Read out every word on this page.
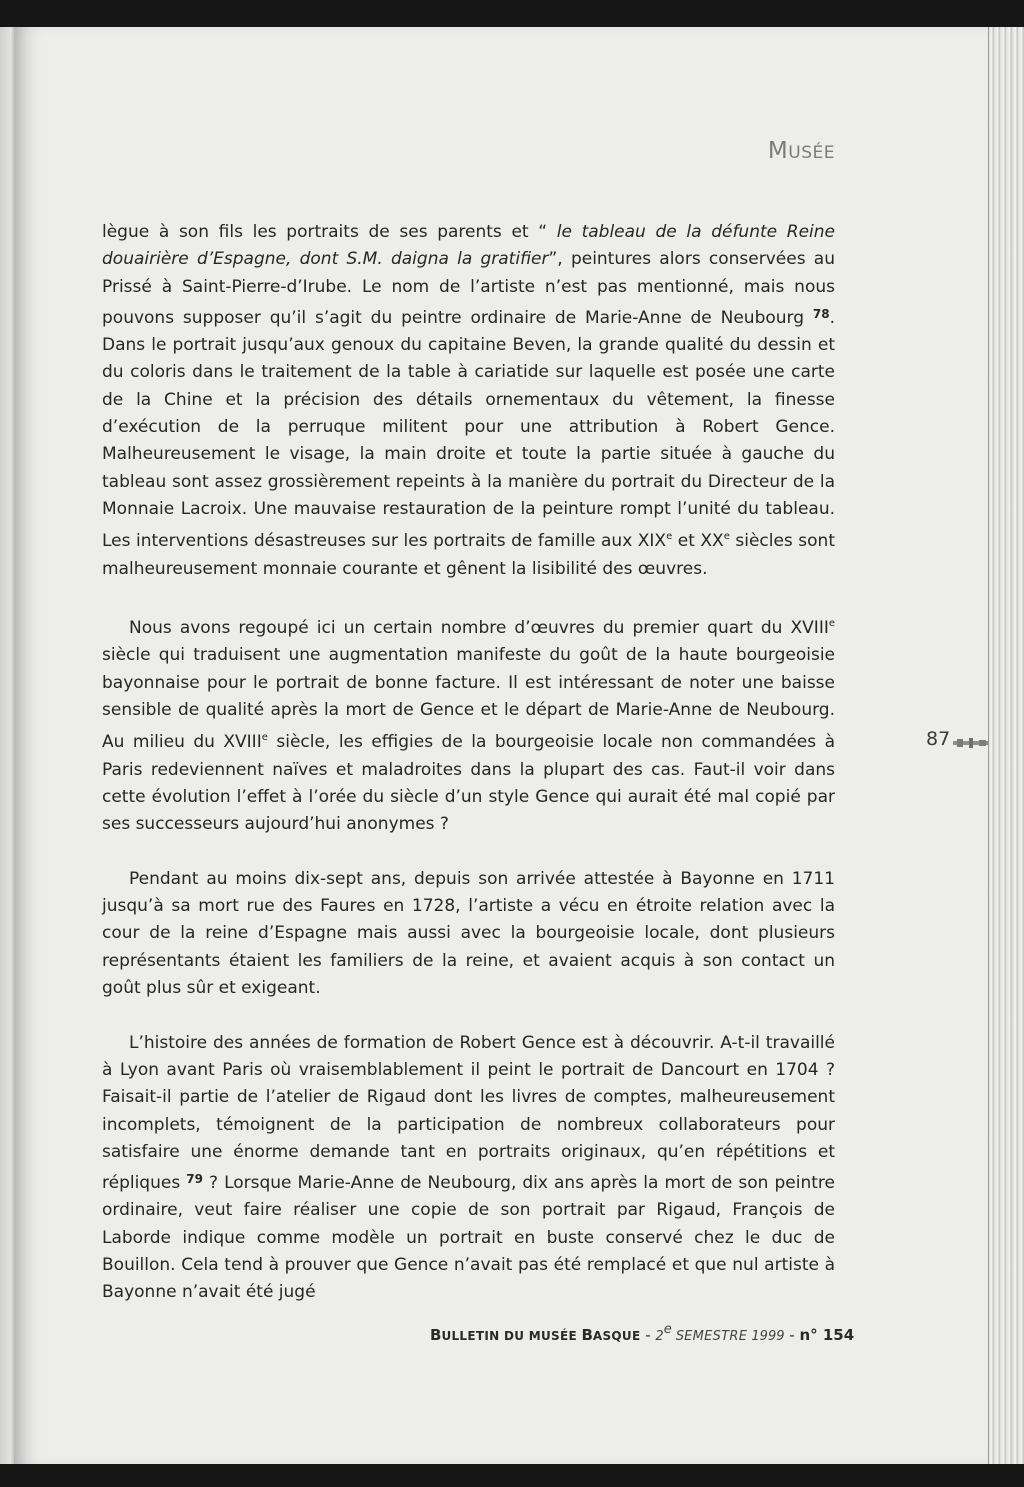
MUSÉE

lègue à son fils les portraits de ses parents et “ le tableau de la défunte Reine douairière d’Espagne, dont S.M. daigna la gratifier”, peintures alors conservées au Prissé à Saint-Pierre-d’Irube. Le nom de l’artiste n’est pas mentionné, mais nous pouvons supposer qu’il s’agit du peintre ordinaire de Marie-Anne de Neubourg $^{78}$. Dans le portrait jusqu’aux genoux du capitaine Beven, la grande qualité du dessin et du coloris dans le traitement de la table à cariatide sur laquelle est posée une carte de la Chine et la précision des détails ornementaux du vêtement, la finesse d’exécution de la perruque militent pour une attribution à Robert Gence. Malheureusement le visage, la main droite et toute la partie située à gauche du tableau sont assez grossièrement repeints à la manière du portrait du Directeur de la Monnaie Lacroix. Une mauvaise restauration de la peinture rompt l’unité du tableau. Les interventions désastreuses sur les portraits de famille aux XIXe et XXe siècles sont malheureusement monnaie courante et gênent la lisibilité des œuvres.

Nous avons regoupé ici un certain nombre d’œuvres du premier quart du XVIIIe siècle qui traduisent une augmentation manifeste du goût de la haute bourgeoisie bayonnaise pour le portrait de bonne facture. Il est intéressant de noter une baisse sensible de qualité après la mort de Gence et le départ de Marie-Anne de Neubourg. Au milieu du XVIIIe siècle, les effigies de la bourgeoisie locale non commandées à Paris redeviennent naïves et maladroites dans la plupart des cas. Faut-il voir dans cette évolution l’effet à l’orée du siècle d’un style Gence qui aurait été mal copié par ses successeurs aujourd’hui anonymes ?

Pendant au moins dix-sept ans, depuis son arrivée attestée à Bayonne en 1711 jusqu’à sa mort rue des Faures en 1728, l’artiste a vécu en étroite relation avec la cour de la reine d’Espagne mais aussi avec la bourgeoisie locale, dont plusieurs représentants étaient les familiers de la reine, et avaient acquis à son contact un goût plus sûr et exigeant.

L’histoire des années de formation de Robert Gence est à découvrir. A-t-il travaillé à Lyon avant Paris où vraisemblablement il peint le portrait de Dancourt en 1704 ? Faisait-il partie de l’atelier de Rigaud dont les livres de comptes, malheureusement incomplets, témoignent de la participation de nombreux collaborateurs pour satisfaire une énorme demande tant en portraits originaux, qu’en répétitions et répliques $^{79}$ ? Lorsque Marie-Anne de Neubourg, dix ans après la mort de son peintre ordinaire, veut faire réaliser une copie de son portrait par Rigaud, François de Laborde indique comme modèle un portrait en buste conservé chez le duc de Bouillon. Cela tend à prouver que Gence n’avait pas été remplacé et que nul artiste à Bayonne n’avait été jugé

87

BULLETIN DU MUSÉE BASQUE - 2e SEMESTRE 1999 - n° 154
